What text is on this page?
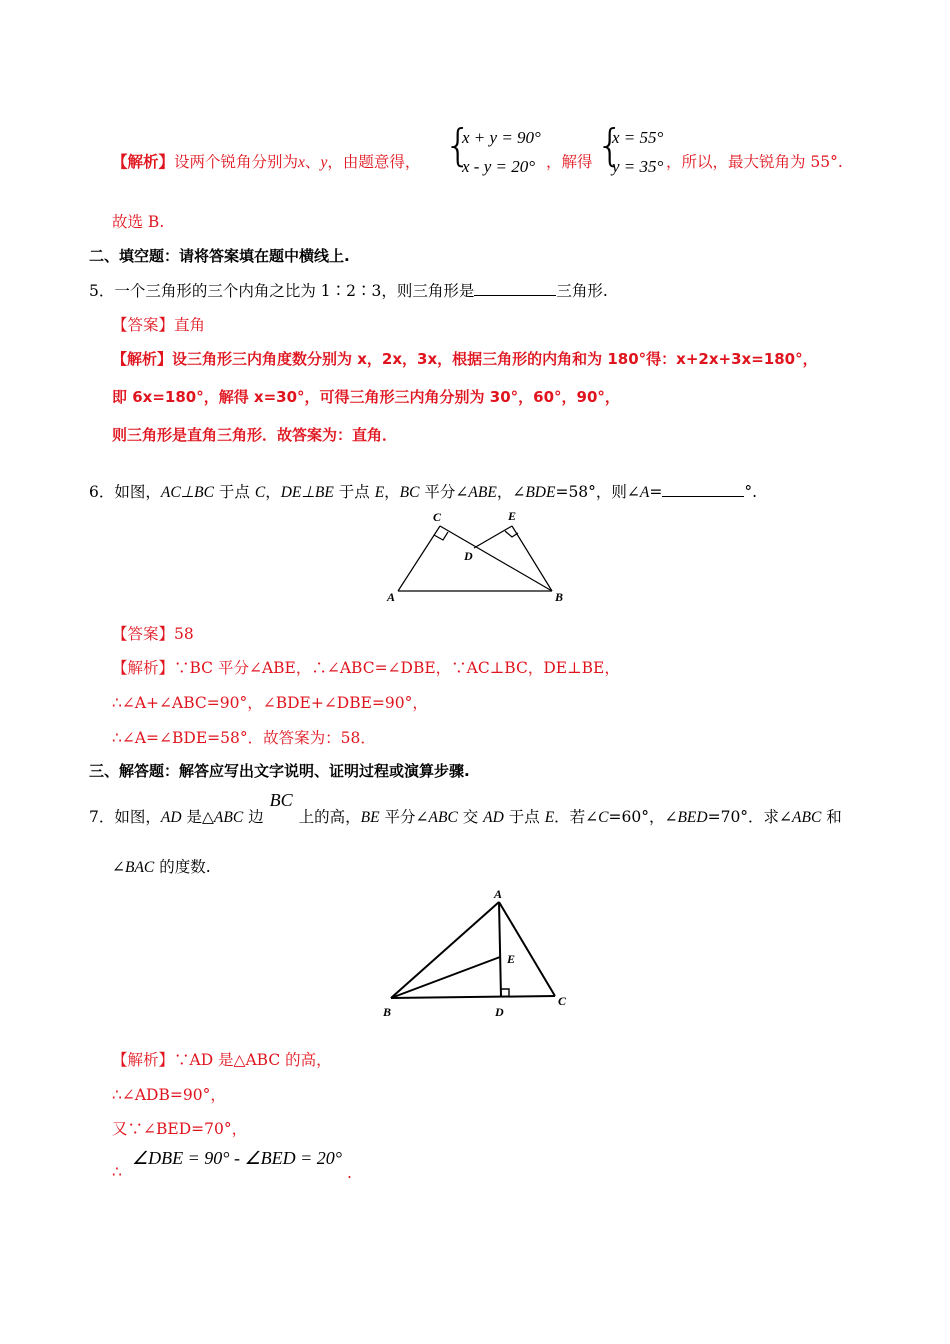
【解析】设两个锐角分别为x、y，由题意得， {
x + y = 90°
x - y = 20° ，解得 {
x = 55°
y = 35° ，所以，最大锐角为 55°.
故选 B.
二、填空题：请将答案填在题中横线上.
5．一个三角形的三个内角之比为 1∶2∶3，则三角形是	三角形.
【答案】直角
【解析】设三角形三内角度数分别为 x，2x，3x，根据三角形的内角和为 180°得：x+2x+3x=180°，
即 6x=180°，解得 x=30°，可得三角形三内角分别为 30°，60°，90°，
则三角形是直角三角形．故答案为：直角．
6．如图，AC⊥BC 于点 C，DE⊥BE 于点 E，BC 平分∠ABE，∠BDE=58°，则∠A=	°.
C	E
D
A	B
【答案】58
【解析】∵BC 平分∠ABE，∴∠ABC=∠DBE，∵AC⊥BC，DE⊥BE，
∴∠A+∠ABC=90°，∠BDE+∠DBE=90°，
∴∠A=∠BDE=58°．故答案为：58．
三、解答题：解答应写出文字说明、证明过程或演算步骤.
7．如图，AD 是△ABC 边BC上的高，BE 平分∠ABC 交 AD 于点 E．若∠C=60°，∠BED=70°．求∠ABC 和
∠BAC 的度数.
A
E
B	D
C
【解析】∵AD 是△ABC 的高，
∴∠ADB=90°，
又∵∠BED=70°，
∴
∠DBE = 90° - ∠BED = 20°
.
